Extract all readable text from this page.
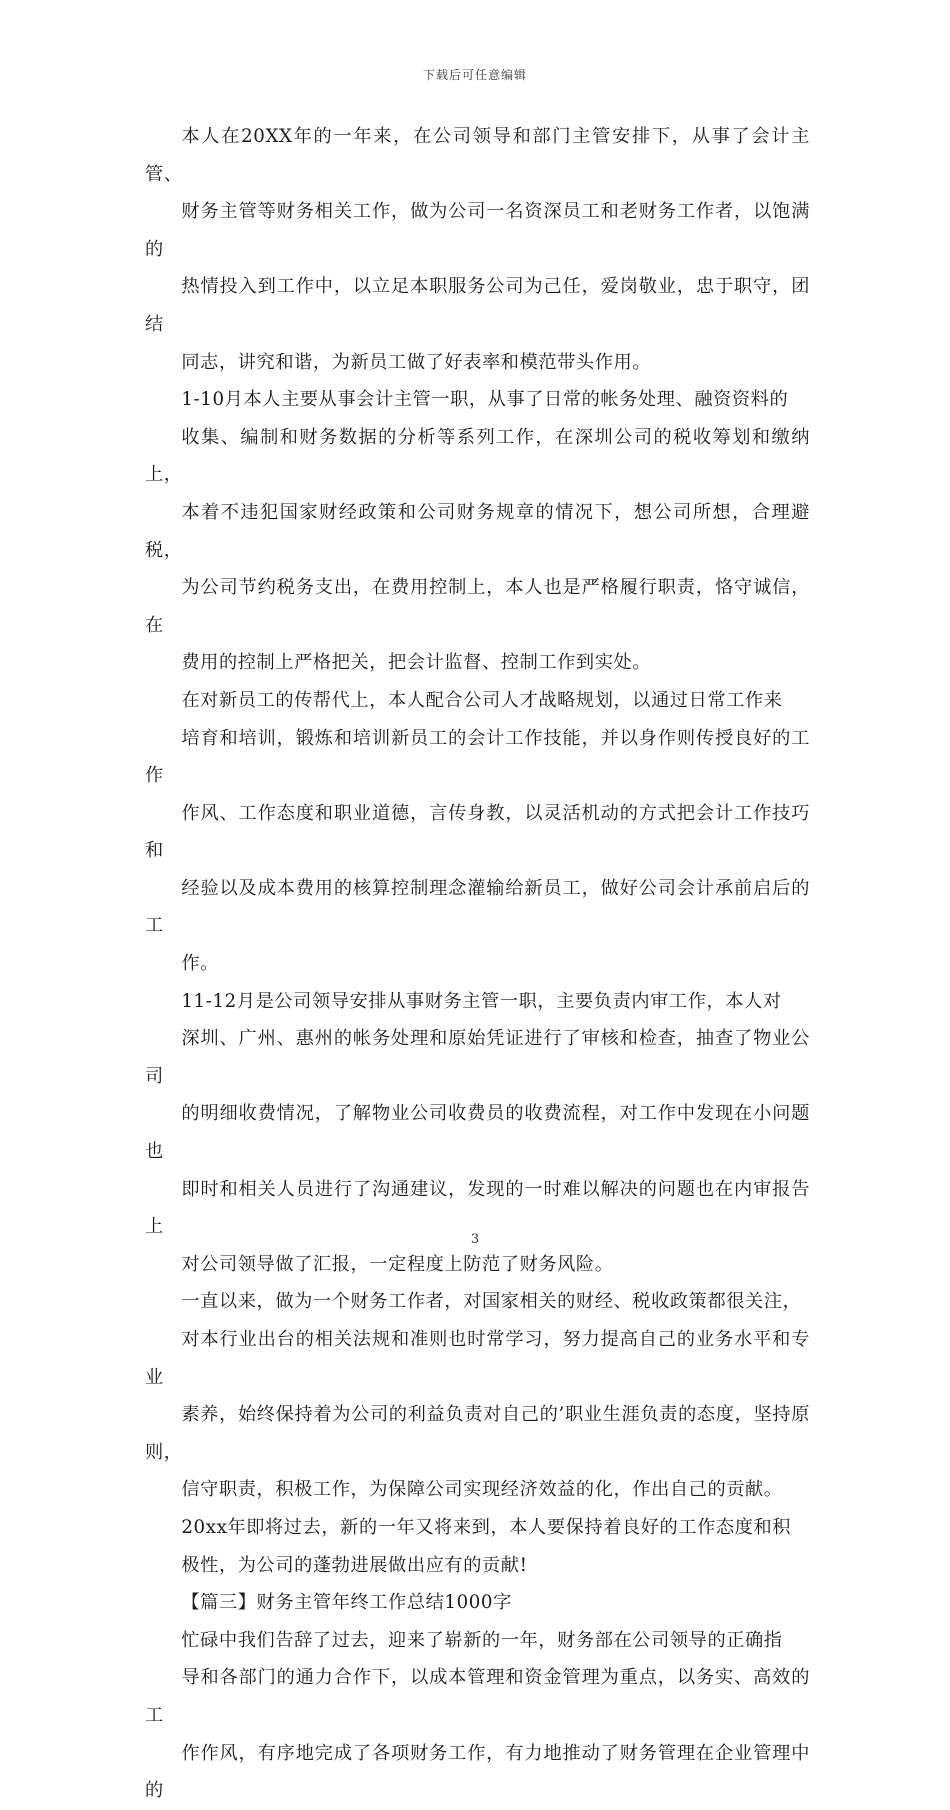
下载后可任意编辑

本人在20XX年的一年来，在公司领导和部门主管安排下，从事了会计主管、
财务主管等财务相关工作，做为公司一名资深员工和老财务工作者，以饱满的
热情投入到工作中，以立足本职服务公司为己任，爱岗敬业，忠于职守，团结
同志，讲究和谐，为新员工做了好表率和模范带头作用。

1-10月本人主要从事会计主管一职，从事了日常的帐务处理、融资资料的
收集、编制和财务数据的分析等系列工作，在深圳公司的税收筹划和缴纳上，
本着不违犯国家财经政策和公司财务规章的情况下，想公司所想，合理避税，
为公司节约税务支出，在费用控制上，本人也是严格履行职责，恪守诚信，在
费用的控制上严格把关，把会计监督、控制工作到实处。

在对新员工的传帮代上，本人配合公司人才战略规划，以通过日常工作来
培育和培训，锻炼和培训新员工的会计工作技能，并以身作则传授良好的工作
作风、工作态度和职业道德，言传身教，以灵活机动的方式把会计工作技巧和
经验以及成本费用的核算控制理念灌输给新员工，做好公司会计承前启后的工
作。

11-12月是公司领导安排从事财务主管一职，主要负责内审工作，本人对
深圳、广州、惠州的帐务处理和原始凭证进行了审核和检查，抽查了物业公司
的明细收费情况，了解物业公司收费员的收费流程，对工作中发现在小问题也
即时和相关人员进行了沟通建议，发现的一时难以解决的问题也在内审报告上
对公司领导做了汇报，一定程度上防范了财务风险。

一直以来，做为一个财务工作者，对国家相关的财经、税收政策都很关注，
对本行业出台的相关法规和准则也时常学习，努力提高自己的业务水平和专业
素养，始终保持着为公司的利益负责对自己的’职业生涯负责的态度，坚持原则，
信守职责，积极工作，为保障公司实现经济效益的化，作出自己的贡献。

20xx年即将过去，新的一年又将来到，本人要保持着良好的工作态度和积
极性，为公司的蓬勃进展做出应有的贡献!

【篇三】财务主管年终工作总结1000字

忙碌中我们告辞了过去，迎来了崭新的一年，财务部在公司领导的正确指
导和各部门的通力合作下，以成本管理和资金管理为重点，以务实、高效的工
作作风，有序地完成了各项财务工作，有力地推动了财务管理在企业管理中的

3
